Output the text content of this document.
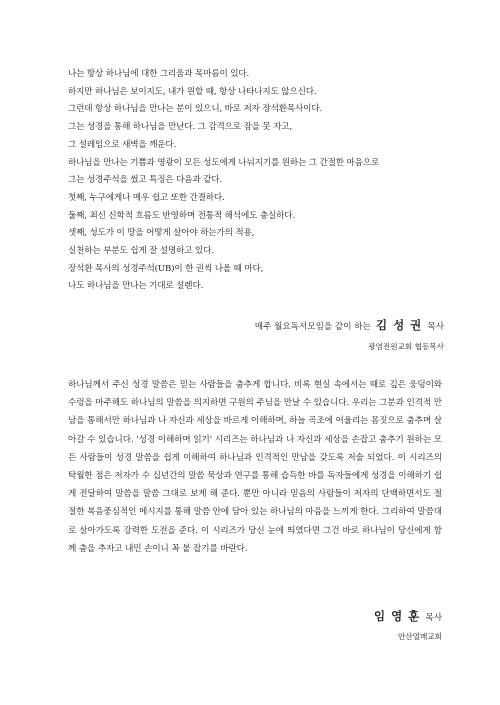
나는 항상 하나님에 대한 그리움과 목마름이 있다.
하지만 하나님은 보이지도, 내가 원할 때, 항상 나타나지도 않으신다.
그런데 항상 하나님을 만나는 분이 있으니, 바로 저자 장석환목사이다.
그는 성경을 통해 하나님을 만난다. 그 감격으로 잠을 못 자고,
그 설레임으로 새벽을 깨운다.
하나님을 만나는 기쁨과 영광이 모든 성도에게 나눠지기를 원하는 그 간절한 마음으로
그는 성경주석을 썼고 특징은 다음과 같다.
첫째, 누구에게나 매우 쉽고 또한 간결하다.
둘째, 최신 신학적 흐름도 반영하며 전통적 해석에도 충실하다.
셋째, 성도가 이 땅을 어떻게 살아야 하는가의 적용,
실천하는 부분도 쉽게 잘 설명하고 있다.
장석환 목사의 성경주석(UB)이 한 권씩 나올 때 마다,
나도 하나님을 만나는 기대로 설렌다.
매주 월요독서모임을 같이 하는 김 성 권 목사
광염전원교회 협동목사

하나님께서 주신 성경 말씀은 믿는 사람들을 춤추게 합니다. 비록 현실 속에서는 때로 깊은 웅덩이와 수렁을 마주해도 하나님의 말씀을 의지하면 구원의 주님을 만날 수 있습니다. 우리는 그분과 인격적 만남을 통해서만 하나님과 나 자신과 세상을 바르게 이해하며, 하늘 곡조에 어울리는 몸짓으로 춤추며 살아갈 수 있습니다. '성경 이해하며 읽기' 시리즈는 하나님과 나 자신과 세상을 손잡고 춤추기 원하는 모든 사람들이 성경 말씀을 쉽게 이해하여 하나님과 인격적인 만남을 갖도록 저술 되었다. 이 시리즈의 탁월한 점은 저자가 수 십년간의 말씀 묵상과 연구를 통해 습득한 바를 독자들에게 성경을 이해하기 쉽게 전달하여 말씀을 말씀 그대로 보게 해 준다. 뿐만 아니라 믿음의 사람들이 저자의 단백하면서도 절절한 복음중심적인 메시지를 통해 말씀 안에 담아 있는 하나님의 마음을 느끼게 한다. 그리하여 말씀대로 살아가도록 강력한 도전을 준다. 이 시리즈가 당신 눈에 띄였다면 그건 바로 하나님이 당신에게 함께 춤을 추자고 내민 손이니 꼭 붙 잡기를 바란다.

임 영 훈 목사
안산열매교회
